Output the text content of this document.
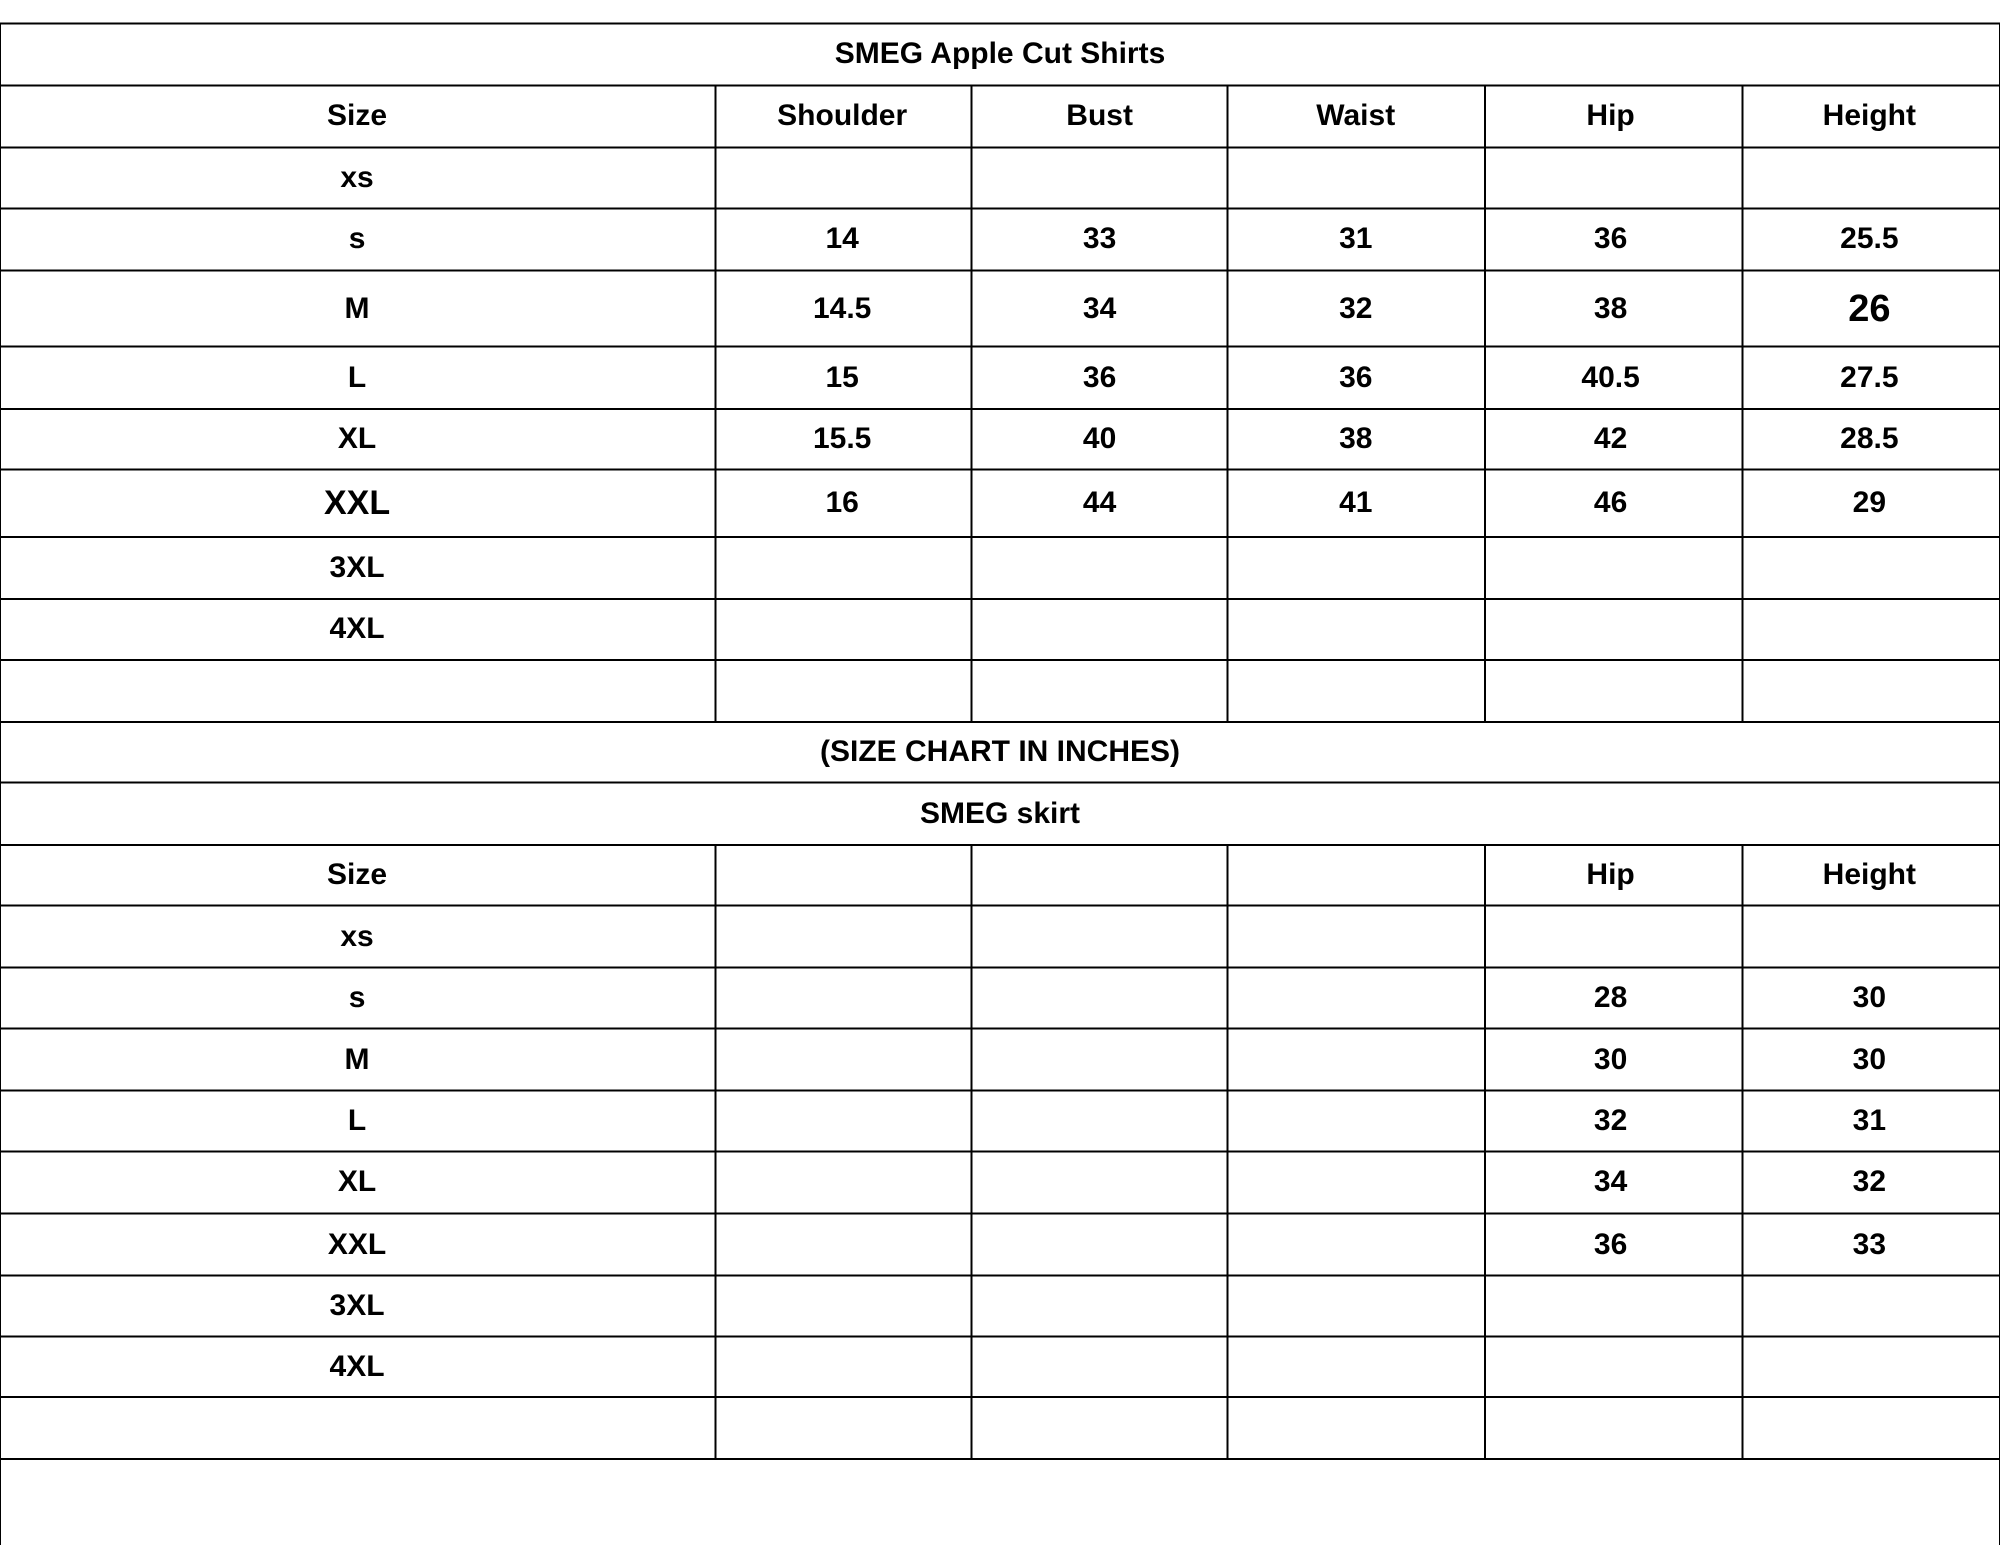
SMEG Apple Cut Shirts
Size	Shoulder	Bust	Waist	Hip	Height
xs
s	14	33	31	36	25.5
M	14.5	34	32	38	26
L	15	36	36	40.5	27.5
XL	15.5	40	38	42	28.5
XXL	16	44	41	46	29
3XL
4XL
(SIZE CHART IN INCHES)
SMEG skirt
Size	Hip	Height
xs
s	28	30
M	30	30
L	32	31
XL	34	32
XXL	36	33
3XL
4XL
